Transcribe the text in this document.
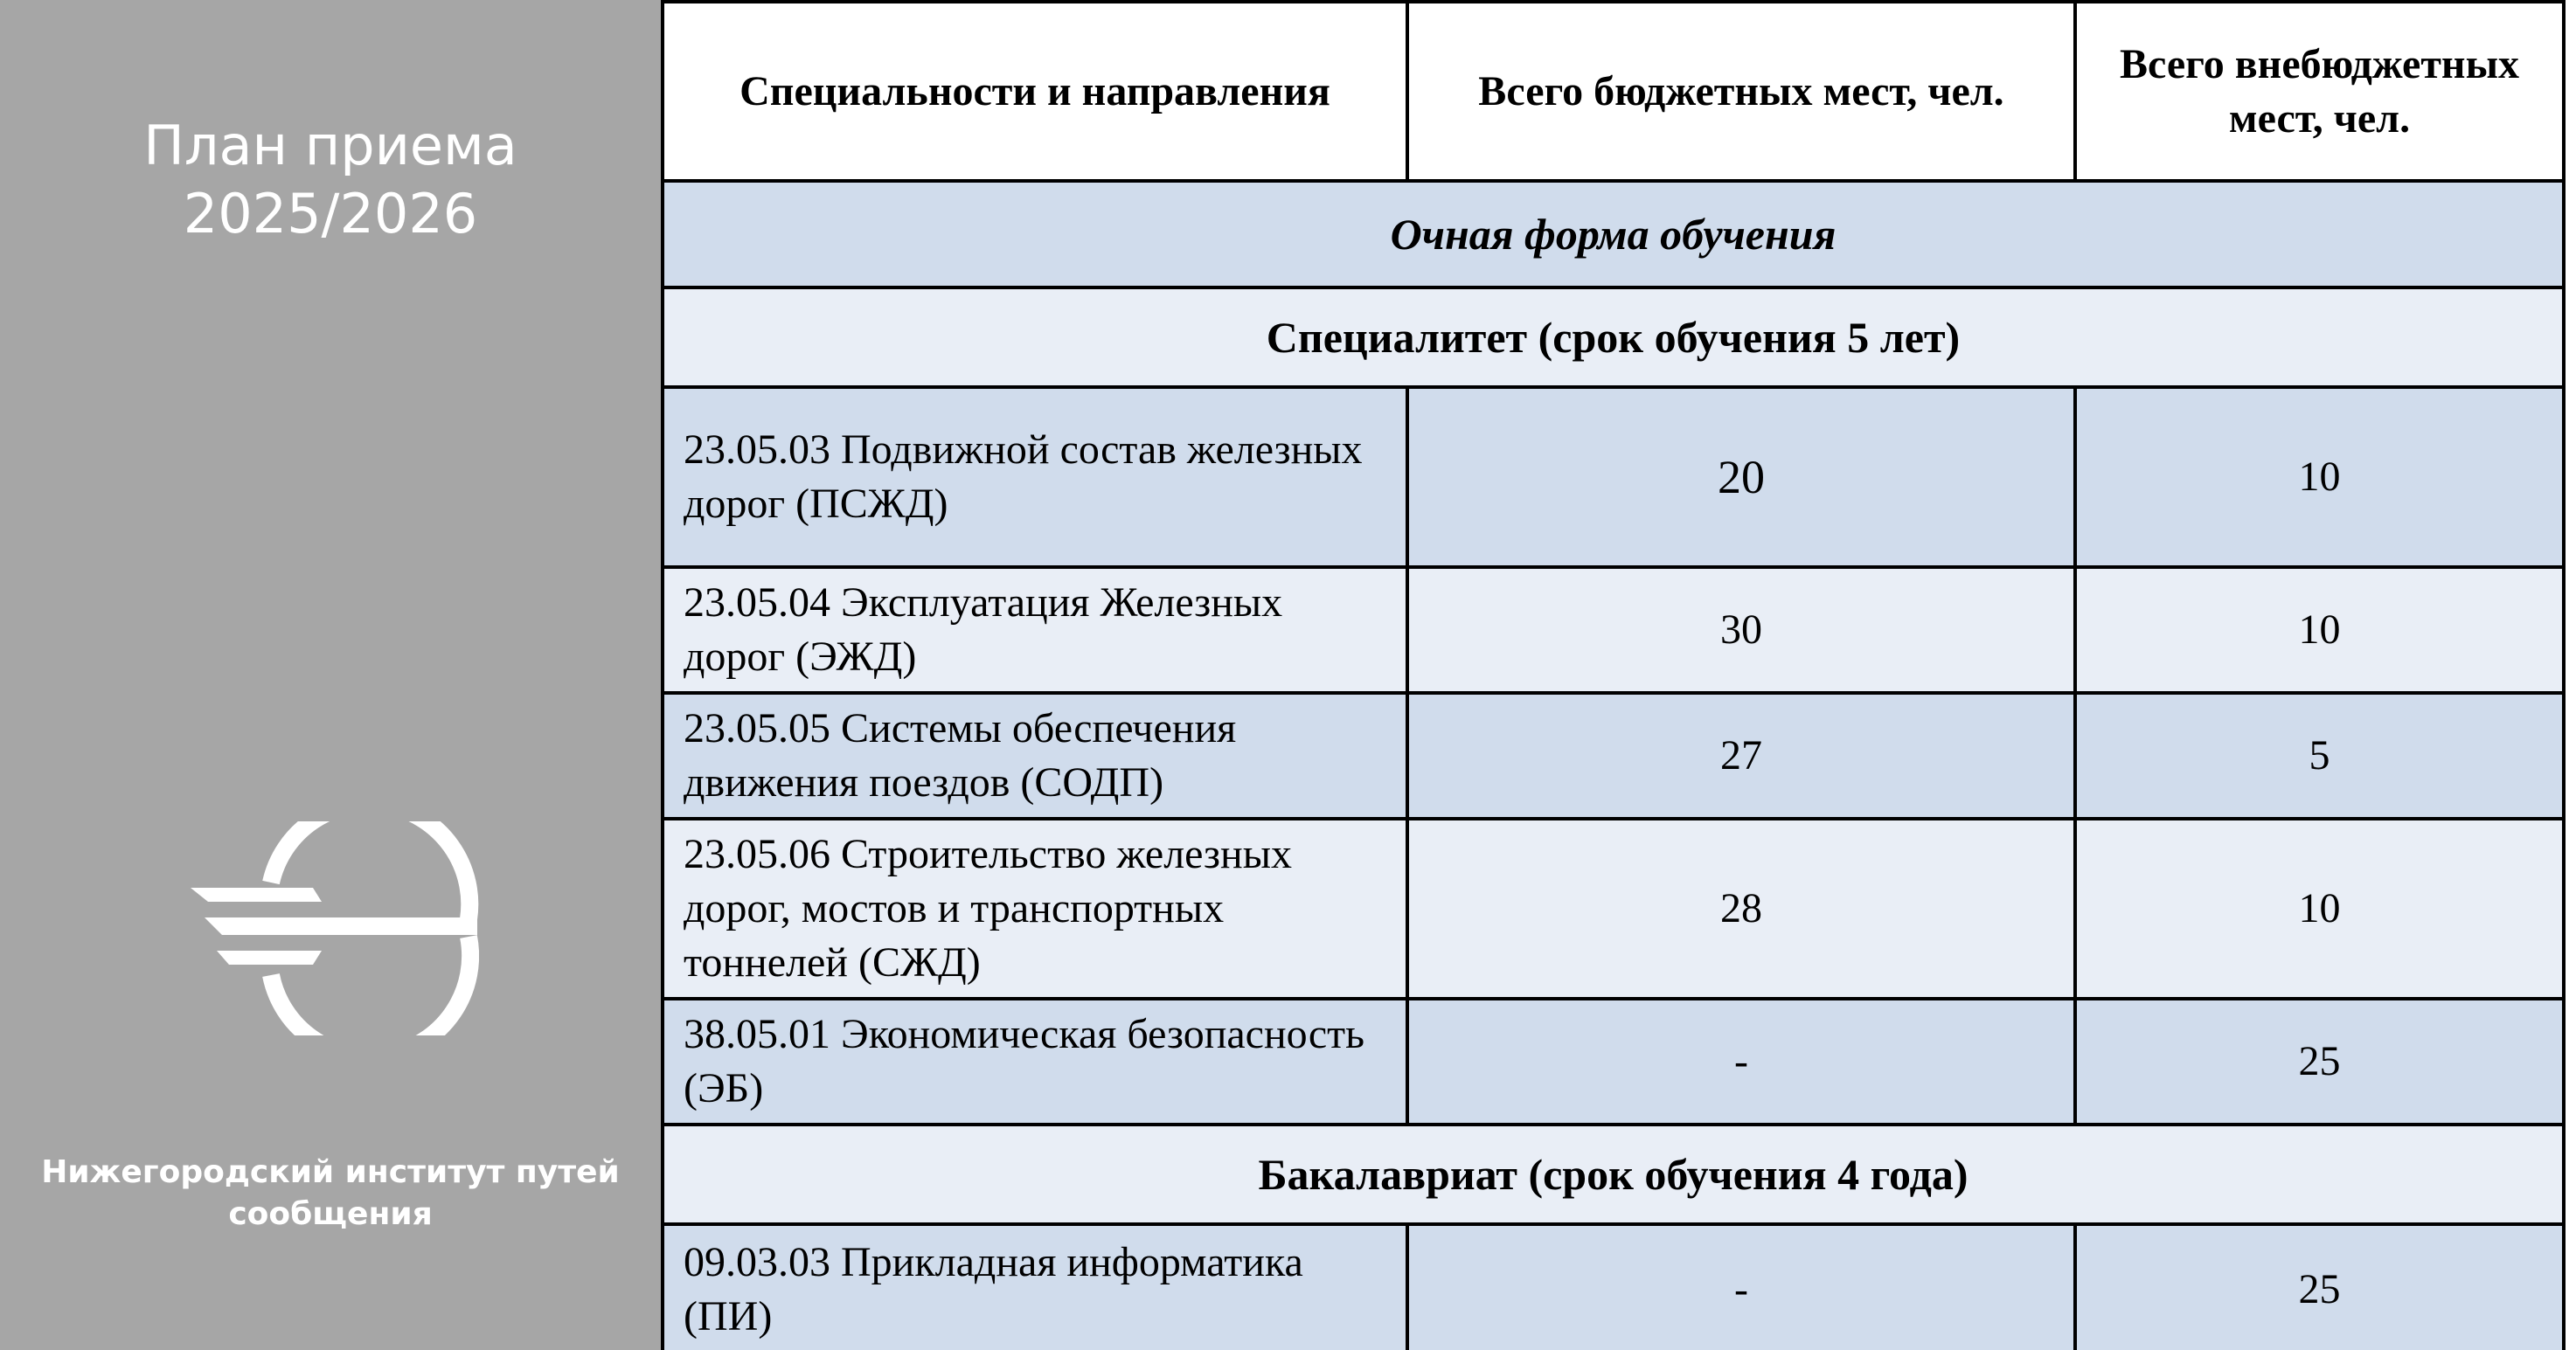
План приема
2025/2026
Нижегородский институт путей
сообщения
Специальности и направления	Всего бюджетных мест, чел.	Всего внебюджетных мест, чел.
Очная форма обучения		
Специалитет (срок обучения 5 лет)		
23.05.03 Подвижной состав железных дорог (ПСЖД)	20	10
23.05.04 Эксплуатация Железных дорог (ЭЖД)	30	10
23.05.05 Системы обеспечения движения поездов (СОДП)	27	5
23.05.06 Строительство железных дорог, мостов и транспортных тоннелей (СЖД)	28	10
38.05.01 Экономическая безопасность (ЭБ)	-	25
Бакалавриат (срок обучения 4 года)		
09.03.03 Прикладная информатика (ПИ)	-	25
